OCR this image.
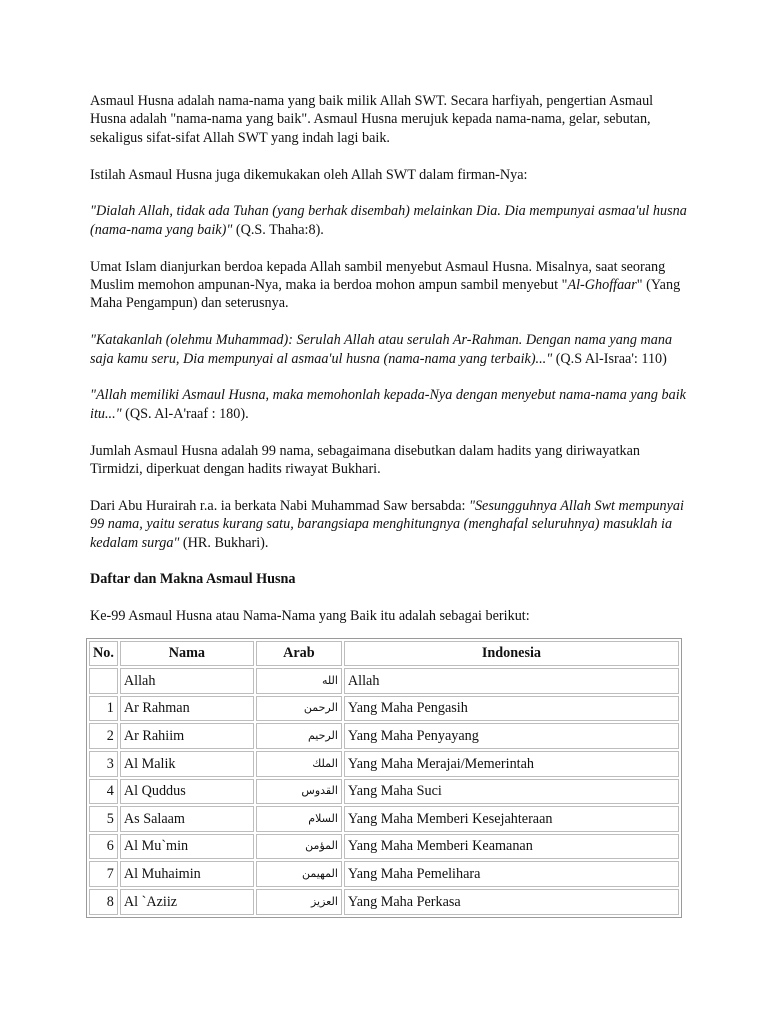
Asmaul Husna adalah nama-nama yang baik milik Allah SWT. Secara harfiyah, pengertian Asmaul Husna adalah "nama-nama yang baik". Asmaul Husna merujuk kepada nama-nama, gelar, sebutan, sekaligus sifat-sifat Allah SWT yang indah lagi baik.

Istilah Asmaul Husna juga dikemukakan oleh Allah SWT dalam firman-Nya:

"Dialah Allah, tidak ada Tuhan (yang berhak disembah) melainkan Dia. Dia mempunyai asmaa'ul husna (nama-nama yang baik)" (Q.S. Thaha:8).

Umat Islam dianjurkan berdoa kepada Allah sambil menyebut Asmaul Husna. Misalnya, saat seorang Muslim memohon ampunan-Nya, maka ia berdoa mohon ampun sambil menyebut "Al-Ghoffaar" (Yang Maha Pengampun) dan seterusnya.

"Katakanlah (olehmu Muhammad): Serulah Allah atau serulah Ar-Rahman. Dengan nama yang mana saja kamu seru, Dia mempunyai al asmaa'ul husna (nama-nama yang terbaik)..." (Q.S Al-Israa': 110)

"Allah memiliki Asmaul Husna, maka memohonlah kepada-Nya dengan menyebut nama-nama yang baik itu..." (QS. Al-A'raaf : 180).

Jumlah Asmaul Husna adalah 99 nama, sebagaimana disebutkan dalam hadits yang diriwayatkan Tirmidzi, diperkuat dengan hadits riwayat Bukhari.

Dari Abu Hurairah r.a. ia berkata Nabi Muhammad Saw bersabda: "Sesungguhnya Allah Swt mempunyai 99 nama, yaitu seratus kurang satu, barangsiapa menghitungnya (menghafal seluruhnya) masuklah ia kedalam surga" (HR. Bukhari).

Daftar dan Makna Asmaul Husna

Ke-99 Asmaul Husna atau Nama-Nama yang Baik itu adalah sebagai berikut:

No.	Nama	Arab	Indonesia
	Allah	الله	Allah
1	Ar Rahman	الرحمن	Yang Maha Pengasih
2	Ar Rahiim	الرحيم	Yang Maha Penyayang
3	Al Malik	الملك	Yang Maha Merajai/Memerintah
4	Al Quddus	القدوس	Yang Maha Suci
5	As Salaam	السلام	Yang Maha Memberi Kesejahteraan
6	Al Mu`min	المؤمن	Yang Maha Memberi Keamanan
7	Al Muhaimin	المهيمن	Yang Maha Pemelihara
8	Al `Aziiz	العزيز	Yang Maha Perkasa
